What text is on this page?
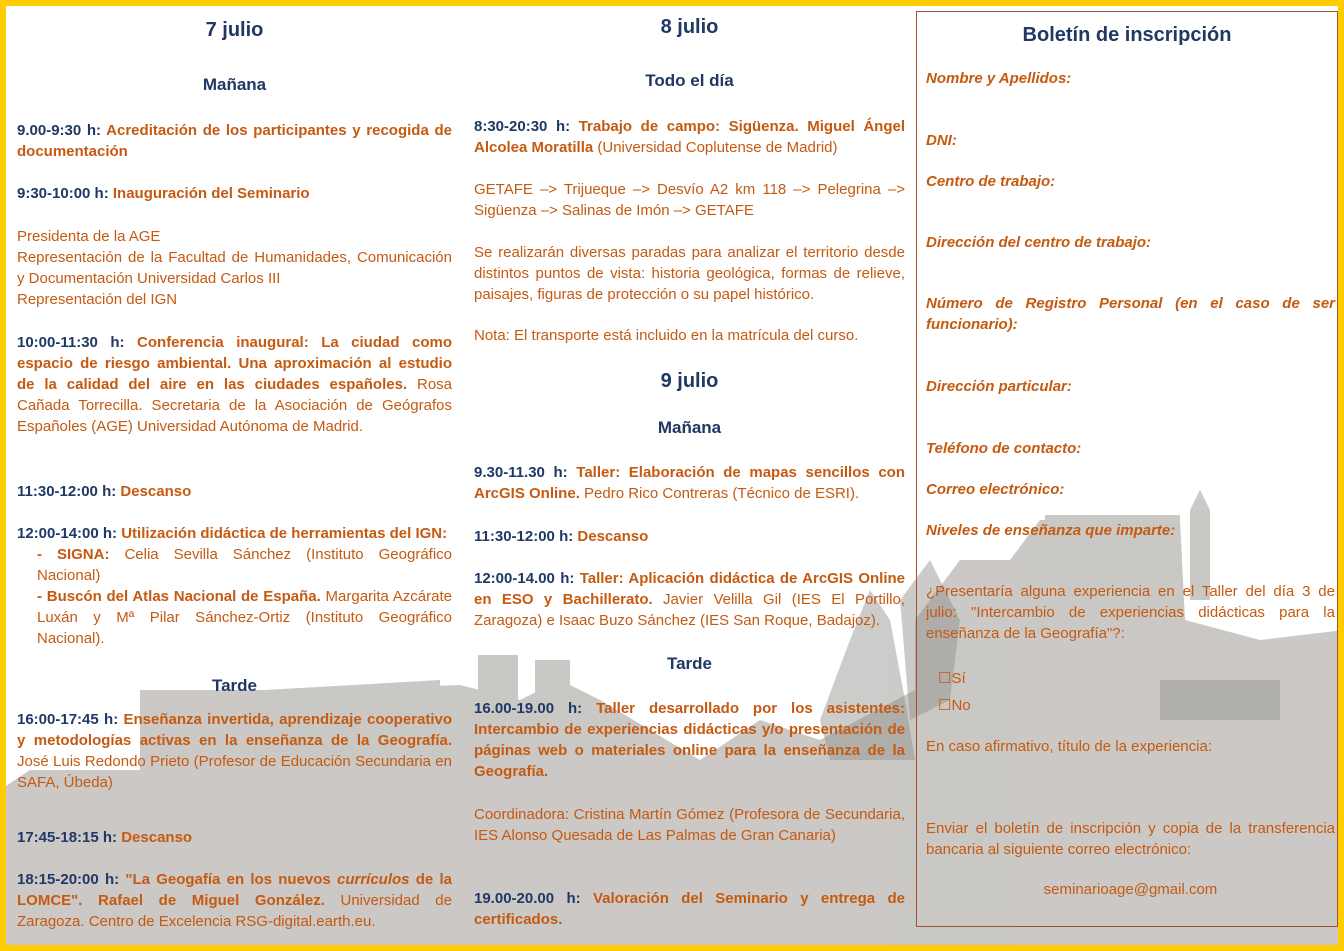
7 julio
Mañana
9.00-9:30 h: Acreditación de los participantes y recogida de documentación
9:30-10:00 h: Inauguración del Seminario
Presidenta de la AGE
Representación de la Facultad de Humanidades, Comunicación y Documentación Universidad Carlos III
Representación del IGN
10:00-11:30 h: Conferencia inaugural: La ciudad como espacio de riesgo ambiental. Una aproximación al estudio de la calidad del aire en las ciudades españoles. Rosa Cañada Torrecilla. Secretaria de la Asociación de Geógrafos Españoles (AGE) Universidad Autónoma de Madrid.
11:30-12:00 h: Descanso
12:00-14:00 h: Utilización didáctica de herramientas del IGN:
- SIGNA: Celia Sevilla Sánchez (Instituto Geográfico Nacional)
- Buscón del Atlas Nacional de España. Margarita Azcárate Luxán y Mª Pilar Sánchez-Ortiz (Instituto Geográfico Nacional).
Tarde
16:00-17:45 h: Enseñanza invertida, aprendizaje cooperativo y metodologías activas en la enseñanza de la Geografía. José Luis Redondo Prieto (Profesor de Educación Secundaria en SAFA, Úbeda)
17:45-18:15 h: Descanso
18:15-20:00 h: "La Geogafía en los nuevos currículos de la LOMCE". Rafael de Miguel González. Universidad de Zaragoza. Centro de Excelencia RSG-digital.earth.eu.
8 julio
Todo el día
8:30-20:30 h: Trabajo de campo: Sigüenza. Miguel Ángel Alcolea Moratilla (Universidad Coplutense de Madrid)
GETAFE –> Trijueque –> Desvío A2 km 118 –> Pelegrina –> Sigüenza –> Salinas de Imón –> GETAFE
Se realizarán diversas paradas para analizar el territorio desde distintos puntos de vista: historia geológica, formas de relieve, paisajes, figuras de protección o su papel histórico.
Nota: El transporte está incluido en la matrícula del curso.
9 julio
Mañana
9.30-11.30 h: Taller: Elaboración de mapas sencillos con ArcGIS Online. Pedro Rico Contreras (Técnico de ESRI).
11:30-12:00 h: Descanso
12:00-14.00 h: Taller: Aplicación didáctica de ArcGIS Online en ESO y Bachillerato. Javier Velilla Gil (IES El Portillo, Zaragoza) e Isaac Buzo Sánchez (IES San Roque, Badajoz).
Tarde
16.00-19.00 h: Taller desarrollado por los asistentes: Intercambio de experiencias didácticas y/o presentación de páginas web o materiales online para la enseñanza de la Geografía.
Coordinadora: Cristina Martín Gómez (Profesora de Secundaria, IES Alonso Quesada de Las Palmas de Gran Canaria)
19.00-20.00 h: Valoración del Seminario y entrega de certificados.
Boletín de inscripción
Nombre y Apellidos:
DNI:
Centro de trabajo:
Dirección del centro de trabajo:
Número de Registro Personal (en el caso de ser funcionario):
Dirección particular:
Teléfono de contacto:
Correo electrónico:
Niveles de enseñanza que imparte:
¿Presentaría alguna experiencia en el Taller del día 3 de julio: "Intercambio de experiencias didácticas para la enseñanza de la Geografía"?:
☐Sí
☐No
En caso afirmativo, título de la experiencia:
Enviar el boletín de inscripción y copia de la transferencia bancaria al siguiente correo electrónico:
seminarioage@gmail.com
